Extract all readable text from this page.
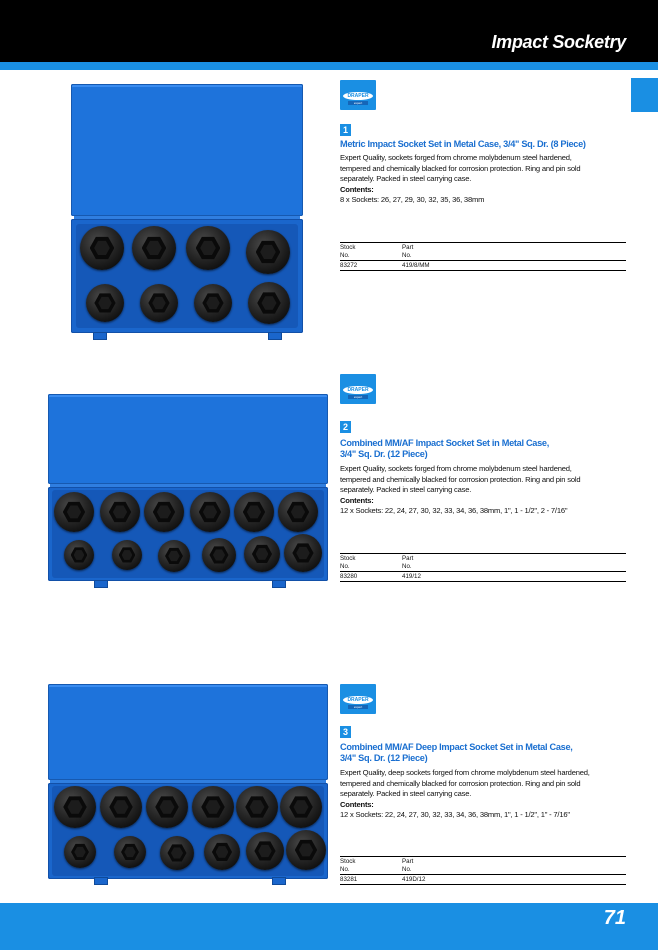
Impact Socketry
DRAPER
expert
1
Metric Impact Socket Set in Metal Case, 3/4" Sq. Dr. (8 Piece)
Expert Quality, sockets forged from chrome molybdenum steel hardened,
tempered and chemically blacked for corrosion protection. Ring and pin sold
separately. Packed in steel carrying case.
Contents:
8 x Sockets: 26, 27, 29, 30, 32, 35, 36, 38mm
Stock
No.
Part
No.
83272	419/8/MM
DRAPER
expert
2
Combined MM/AF Impact Socket Set in Metal Case,
3/4" Sq. Dr. (12 Piece)
Expert Quality, sockets forged from chrome molybdenum steel hardened,
tempered and chemically blacked for corrosion protection. Ring and pin sold
separately. Packed in steel carrying case.
Contents:
12 x Sockets: 22, 24, 27, 30, 32, 33, 34, 36, 38mm, 1", 1 - 1/2", 2 - 7/16"
Stock
No.
Part
No.
83280	419/12
DRAPER
expert
3
Combined MM/AF Deep Impact Socket Set in Metal Case,
3/4" Sq. Dr. (12 Piece)
Expert Quality, deep sockets forged from chrome molybdenum steel hardened,
tempered and chemically blacked for corrosion protection. Ring and pin sold
separately. Packed in steel carrying case.
Contents:
12 x Sockets: 22, 24, 27, 30, 32, 33, 34, 36, 38mm, 1", 1 - 1/2", 1" - 7/16"
Stock
No.
Part
No.
83281	419D/12
71
